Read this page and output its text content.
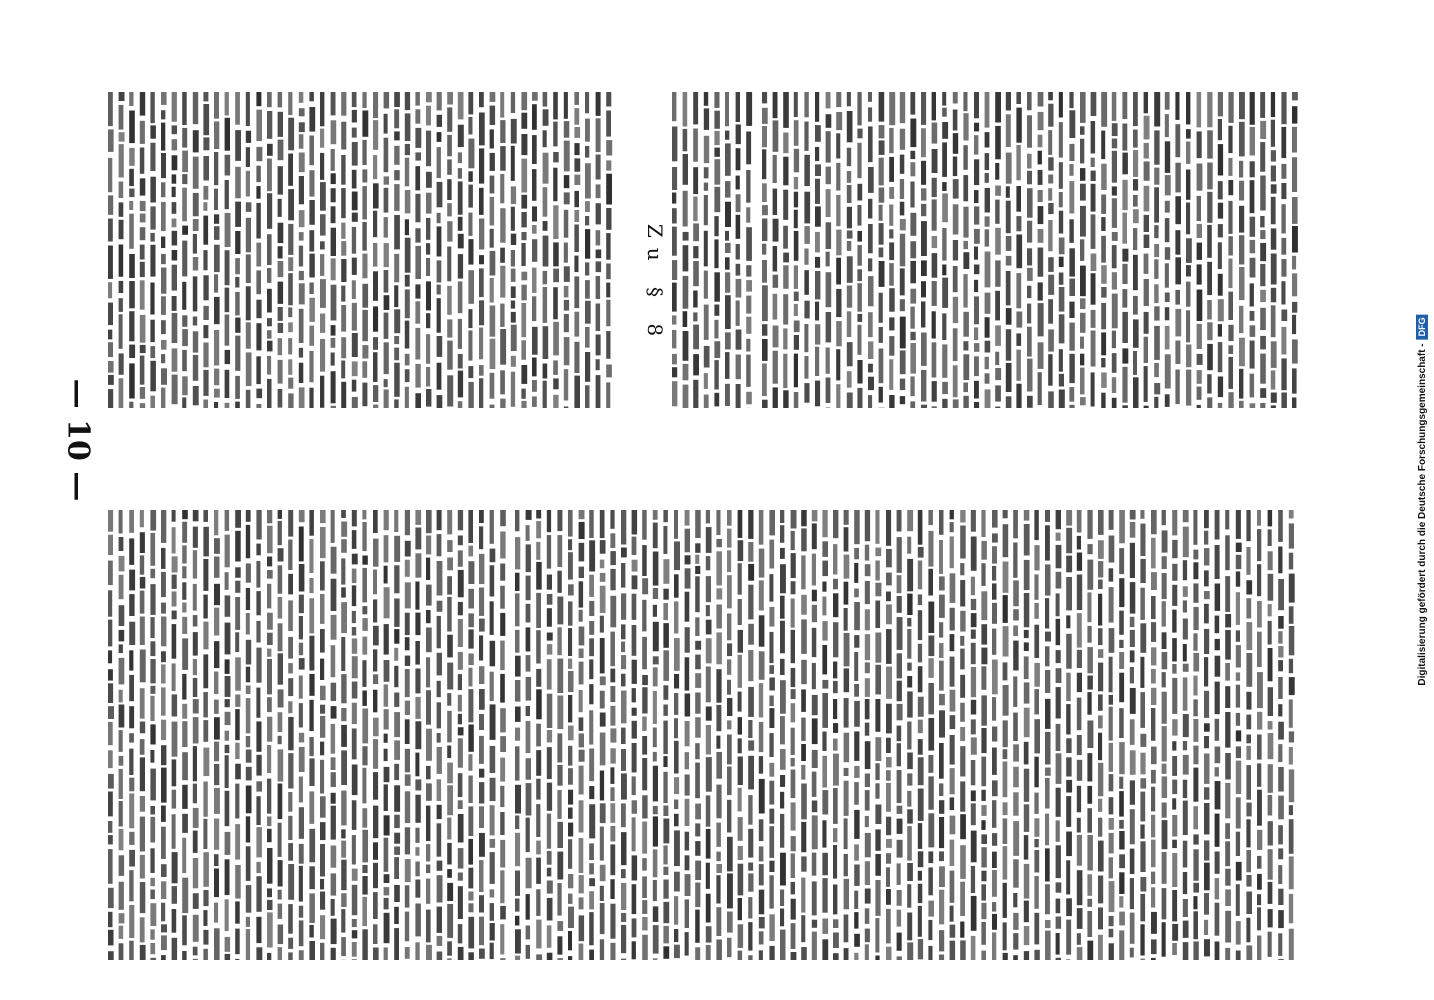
— 10 —
Zu § 8
Digitalisierung gefördert durch die Deutsche Forschungsgemeinschaft -
DFG
